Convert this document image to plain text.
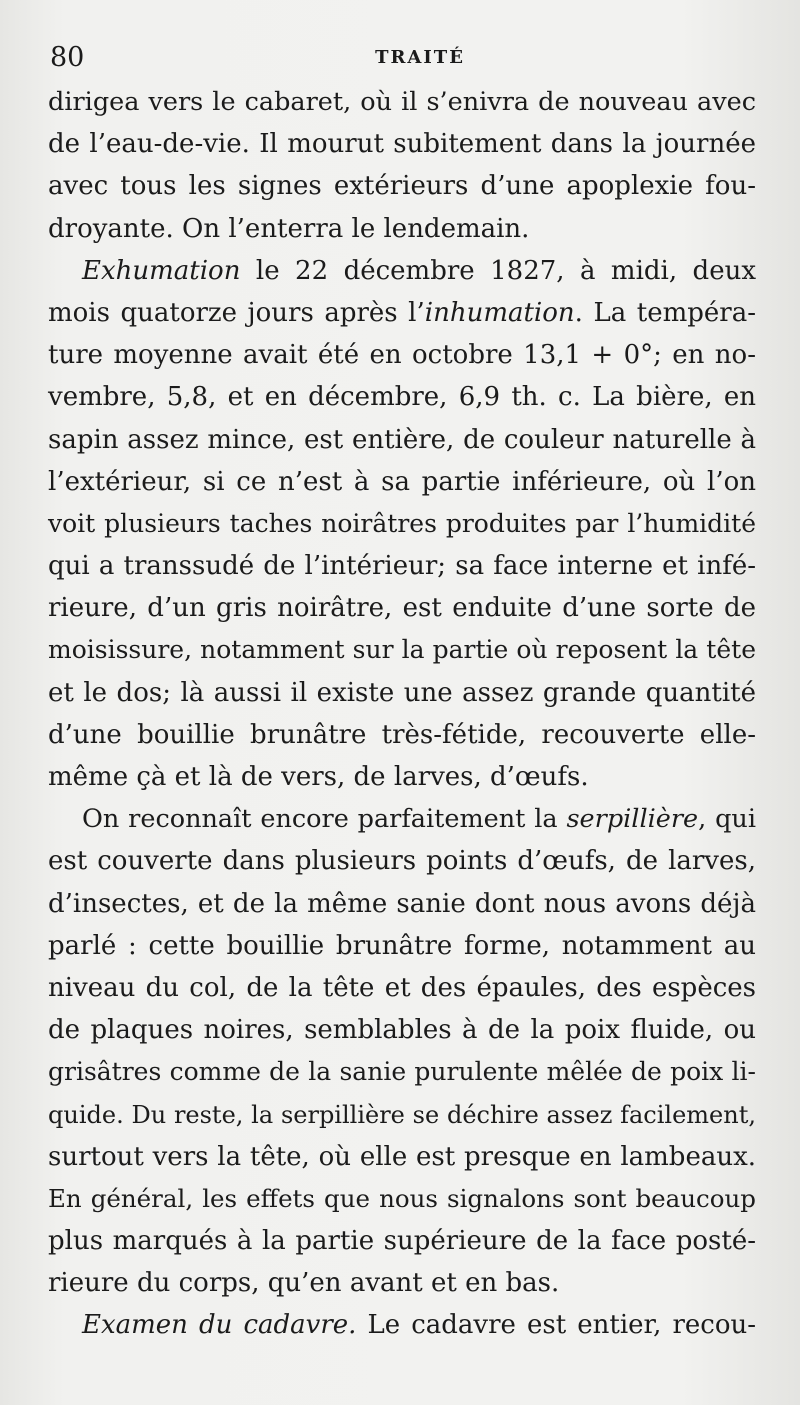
80	TRAITÉ
dirigea vers le cabaret, où il s’enivra de nouveau avec
de l’eau-de-vie. Il mourut subitement dans la journée
avec tous les signes extérieurs d’une apoplexie fou-
droyante. On l’enterra le lendemain.
Exhumation le 22 décembre 1827, à midi, deux
mois quatorze jours après l’inhumation. La tempéra-
ture moyenne avait été en octobre 13,1 + 0°; en no-
vembre, 5,8, et en décembre, 6,9 th. c. La bière, en
sapin assez mince, est entière, de couleur naturelle à
l’extérieur, si ce n’est à sa partie inférieure, où l’on
voit plusieurs taches noirâtres produites par l’humidité
qui a transsudé de l’intérieur; sa face interne et infé-
rieure, d’un gris noirâtre, est enduite d’une sorte de
moisissure, notamment sur la partie où reposent la tête
et le dos; là aussi il existe une assez grande quantité
d’une bouillie brunâtre très-fétide, recouverte elle-
même çà et là de vers, de larves, d’œufs.
On reconnaît encore parfaitement la serpillière, qui
est couverte dans plusieurs points d’œufs, de larves,
d’insectes, et de la même sanie dont nous avons déjà
parlé : cette bouillie brunâtre forme, notamment au
niveau du col, de la tête et des épaules, des espèces
de plaques noires, semblables à de la poix fluide, ou
grisâtres comme de la sanie purulente mêlée de poix li-
quide. Du reste, la serpillière se déchire assez facilement,
surtout vers la tête, où elle est presque en lambeaux.
En général, les effets que nous signalons sont beaucoup
plus marqués à la partie supérieure de la face posté-
rieure du corps, qu’en avant et en bas.
Examen du cadavre. Le cadavre est entier, recou-
